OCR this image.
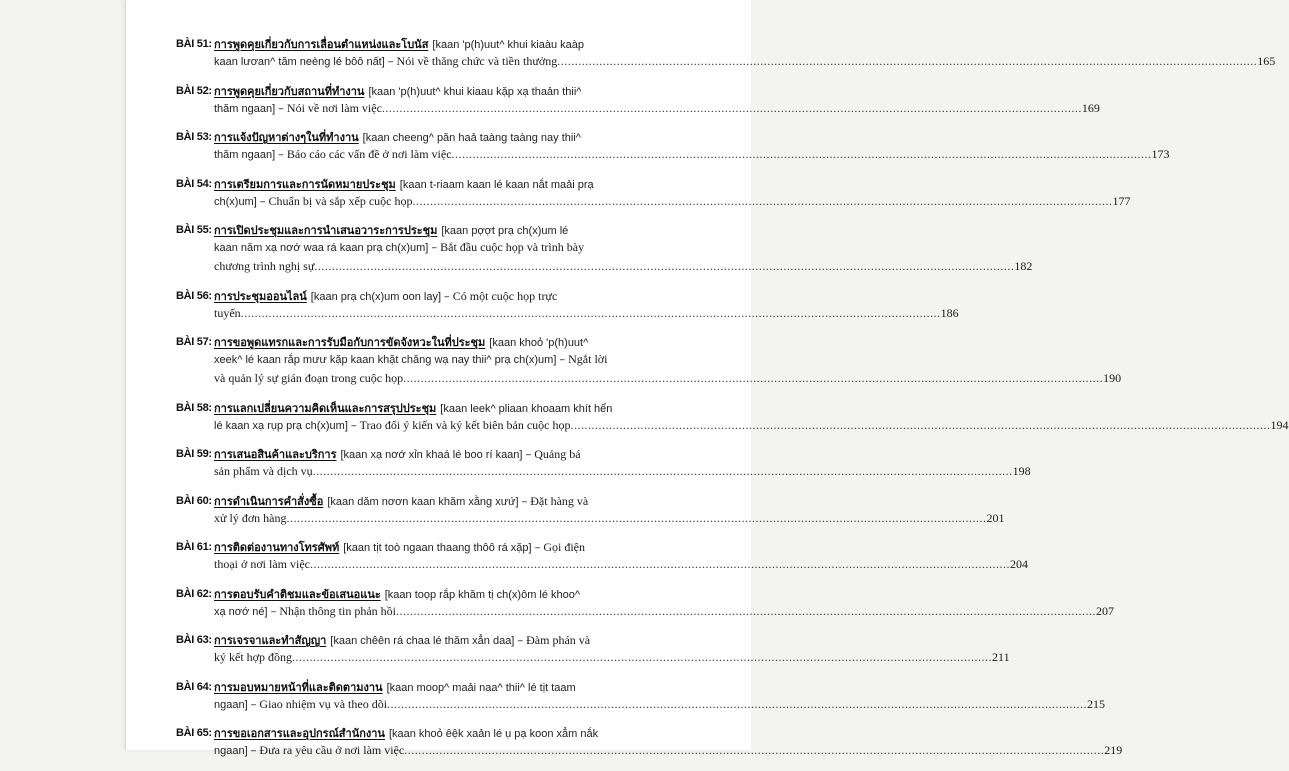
BÀI 51: การพูดคุยเกี่ยวกับการเลื่อนตำแหน่งและโบนัส [kaan 'p(h)uut^ khui kiaàu kaàp
kaan lươan^ tăm neèng lé bôô nất] – Nói về thăng chức và tiền thưởng .....	165
BÀI 52: การพูดคุยเกี่ยวกับสถานที่ทำงาน [kaan 'p(h)uut^ khui kiaau kặp xạ thaản thii^
thăm ngaan] – Nói về nơi làm việc .....	169
BÀI 53: การแจ้งปัญหาต่างๆในที่ทำงาน [kaan cheeng^ păn haả taàng taàng nay thii^
thăm ngaan] – Báo cáo các vấn đề ở nơi làm việc .....	173
BÀI 54: การเตรียมการและการนัดหมายประชุม [kaan t-riaam kaan lé kaan nắt maải prạ
ch(x)um] – Chuẩn bị và sắp xếp cuộc họp .....	177
BÀI 55: การเปิดประชุมและการนำเสนอวาระการประชุม [kaan pợợt prạ ch(x)um lé
kaan năm xạ nơớ waa rá kaan prạ ch(x)um] – Bắt đầu cuộc họp và trình bày
chương trình nghị sự .....	182
BÀI 56: การประชุมออนไลน์ [kaan prạ ch(x)um oon lay] – Có một cuộc họp trực
tuyến .....	186
BÀI 57: การขอพูดแทรกและการรับมือกับการขัดจังหวะในที่ประชุม [kaan khoỏ 'p(h)uut^
xeek^ lé kaan rắp mưư kặp kaan khặt chăng wạ nay thii^ prạ ch(x)um] – Ngắt lời
và quản lý sự gián đoạn trong cuộc họp .....	190
BÀI 58: การแลกเปลี่ยนความคิดเห็นและการสรุปประชุม [kaan leek^ pliaan khoaam khít hển
lé kaan xạ rụp prạ ch(x)um] – Trao đổi ý kiến và ký kết biên bản cuộc họp .....	194
BÀI 59: การเสนอสินค้าและบริการ [kaan xạ nơớ xỉn khaá lé boo rí kaan] – Quảng bá
sản phẩm và dịch vụ .....	198
BÀI 60: การดำเนินการคำสั่งซื้อ [kaan dăm nơơn kaan khăm xằng xưứ] – Đặt hàng và
xử lý đơn hàng .....	201
BÀI 61: การติดต่องานทางโทรศัพท์ [kaan tịt toò ngaan thaang thôô rá xặp] – Gọi điện
thoại ở nơi làm việc .....	204
BÀI 62: การตอบรับคำติชมและข้อเสนอแนะ [kaan toọp rắp khăm tị ch(x)ôm lé khoo^
xạ nơớ né] – Nhận thông tin phản hồi .....	207
BÀI 63: การเจรจาและทำสัญญา [kaan chêên rá chaa lé thăm xẳn daa] – Đàm phán và
ký kết hợp đồng .....	211
BÀI 64: การมอบหมายหน้าที่และติดตามงาน [kaan moop^ maải naa^ thii^ lé tịt taam
ngaan] – Giao nhiệm vụ và theo dõi .....	215
BÀI 65: การขอเอกสารและอุปกรณ์สำนักงาน [kaan khoỏ êệk xaản lé ụ pạ koon xẳm nắk
ngaan] – Đưa ra yêu cầu ở nơi làm việc .....	219
